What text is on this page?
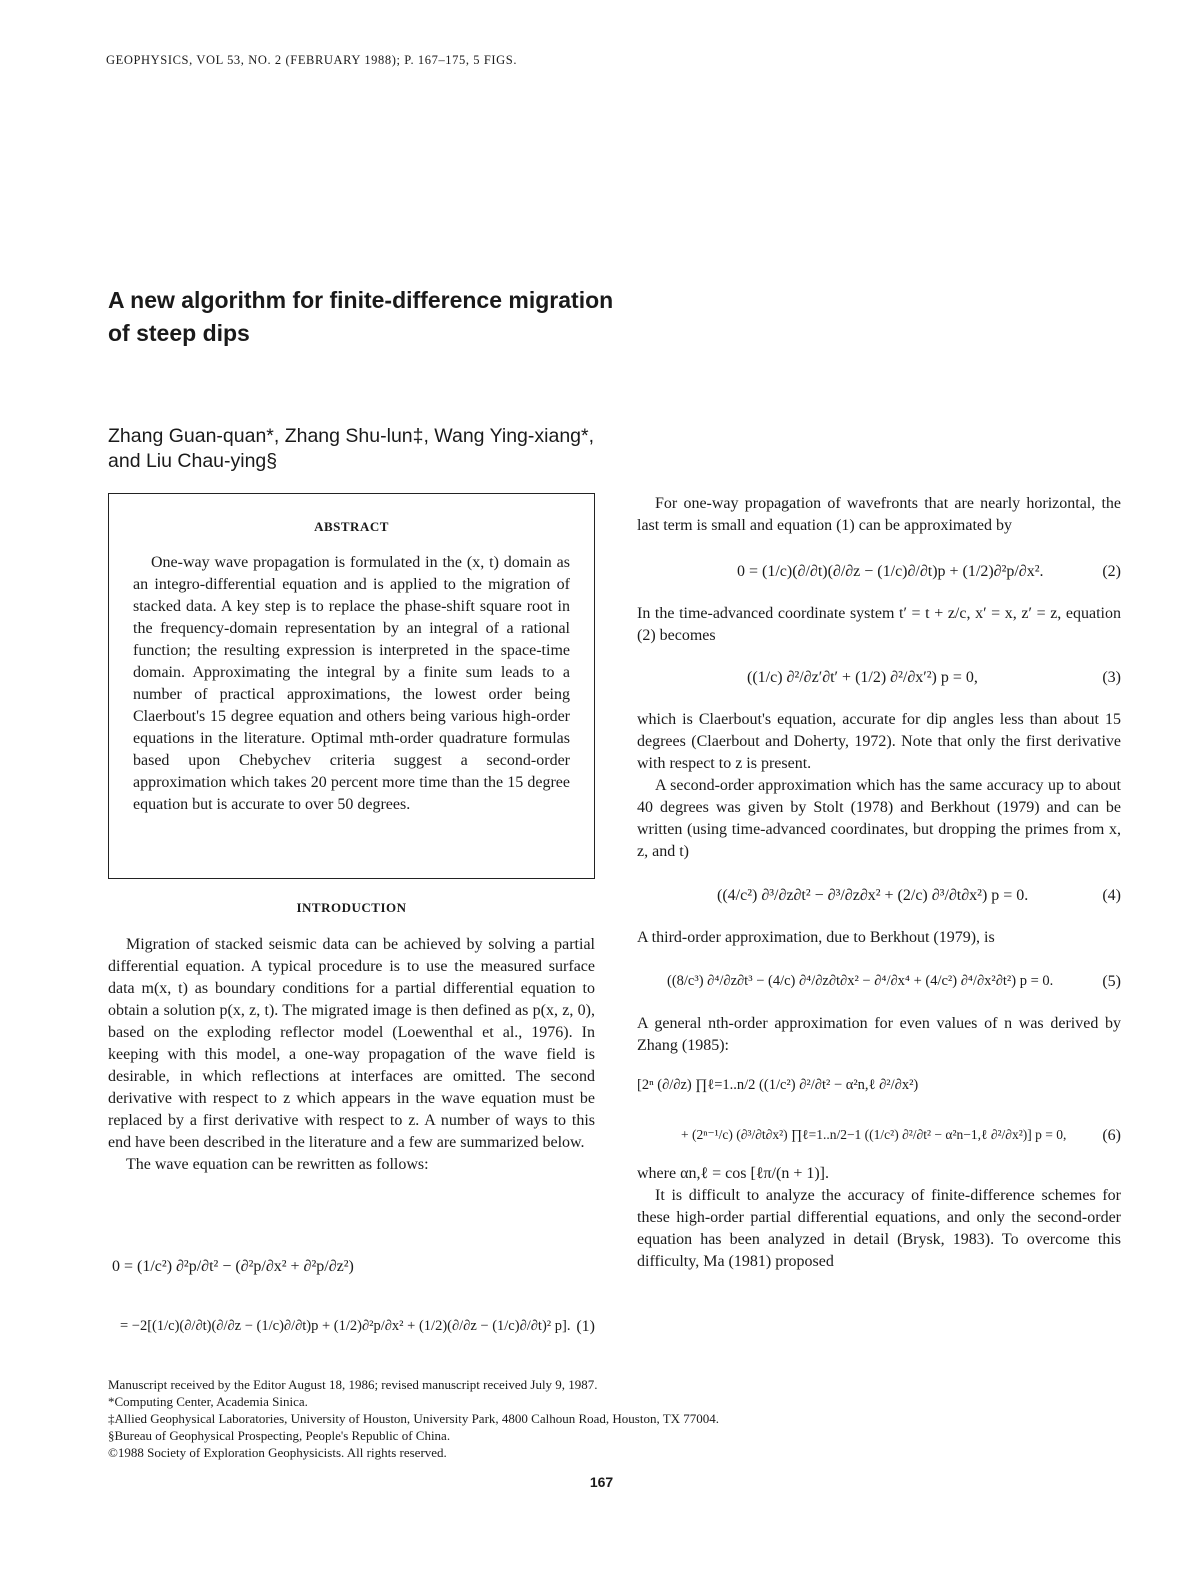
GEOPHYSICS, VOL 53, NO. 2 (FEBRUARY 1988); P. 167–175, 5 FIGS.
A new algorithm for finite-difference migration
of steep dips
Zhang Guan-quan*, Zhang Shu-lun‡, Wang Ying-xiang*,
and Liu Chau-ying§
ABSTRACT
One-way wave propagation is formulated in the (x, t) domain as an integro-differential equation and is applied to the migration of stacked data. A key step is to replace the phase-shift square root in the frequency-domain representation by an integral of a rational function; the resulting expression is interpreted in the space-time domain. Approximating the integral by a finite sum leads to a number of practical approximations, the lowest order being Claerbout's 15 degree equation and others being various high-order equations in the literature. Optimal mth-order quadrature formulas based upon Chebychev criteria suggest a second-order approximation which takes 20 percent more time than the 15 degree equation but is accurate to over 50 degrees.
INTRODUCTION
Migration of stacked seismic data can be achieved by solving a partial differential equation. A typical procedure is to use the measured surface data m(x, t) as boundary conditions for a partial differential equation to obtain a solution p(x, z, t). The migrated image is then defined as p(x, z, 0), based on the exploding reflector model (Loewenthal et al., 1976). In keeping with this model, a one-way propagation of the wave field is desirable, in which reflections at interfaces are omitted. The second derivative with respect to z which appears in the wave equation must be replaced by a first derivative with respect to z. A number of ways to this end have been described in the literature and a few are summarized below.
The wave equation can be rewritten as follows:
0 = (1/c²) ∂²p/∂t² − (∂²p/∂x² + ∂²p/∂z²)
= −2[(1/c)(∂/∂t)(∂/∂z − (1/c)∂/∂t)p + (1/2)∂²p/∂x² + (1/2)(∂/∂z − (1/c)∂/∂t)² p]. (1)
For one-way propagation of wavefronts that are nearly horizontal, the last term is small and equation (1) can be approximated by
0 = (1/c)(∂/∂t)(∂/∂z − (1/c)∂/∂t)p + (1/2)∂²p/∂x².	(2)
In the time-advanced coordinate system t′ = t + z/c, x′ = x, z′ = z, equation (2) becomes
((1/c) ∂²/∂z′∂t′ + (1/2) ∂²/∂x′²) p = 0,	(3)
which is Claerbout's equation, accurate for dip angles less than about 15 degrees (Claerbout and Doherty, 1972). Note that only the first derivative with respect to z is present.
A second-order approximation which has the same accuracy up to about 40 degrees was given by Stolt (1978) and Berkhout (1979) and can be written (using time-advanced coordinates, but dropping the primes from x, z, and t)
((4/c²) ∂³/∂z∂t² − ∂³/∂z∂x² + (2/c) ∂³/∂t∂x²) p = 0.	(4)
A third-order approximation, due to Berkhout (1979), is
((8/c³) ∂⁴/∂z∂t³ − (4/c) ∂⁴/∂z∂t∂x² − ∂⁴/∂x⁴ + (4/c²) ∂⁴/∂x²∂t²) p = 0.	(5)
A general nth-order approximation for even values of n was derived by Zhang (1985):
[2ⁿ (∂/∂z) ∏ℓ=1..n/2 ((1/c²) ∂²/∂t² − α²n,ℓ ∂²/∂x²)
+ (2ⁿ⁻¹/c) (∂³/∂t∂x²) ∏ℓ=1..n/2−1 ((1/c²) ∂²/∂t² − α²n−1,ℓ ∂²/∂x²)] p = 0, (6)
where αn,ℓ = cos [ℓπ/(n + 1)].
It is difficult to analyze the accuracy of finite-difference schemes for these high-order partial differential equations, and only the second-order equation has been analyzed in detail (Brysk, 1983). To overcome this difficulty, Ma (1981) proposed
Manuscript received by the Editor August 18, 1986; revised manuscript received July 9, 1987.
*Computing Center, Academia Sinica.
‡Allied Geophysical Laboratories, University of Houston, University Park, 4800 Calhoun Road, Houston, TX 77004.
§Bureau of Geophysical Prospecting, People's Republic of China.
©1988 Society of Exploration Geophysicists. All rights reserved.
167
